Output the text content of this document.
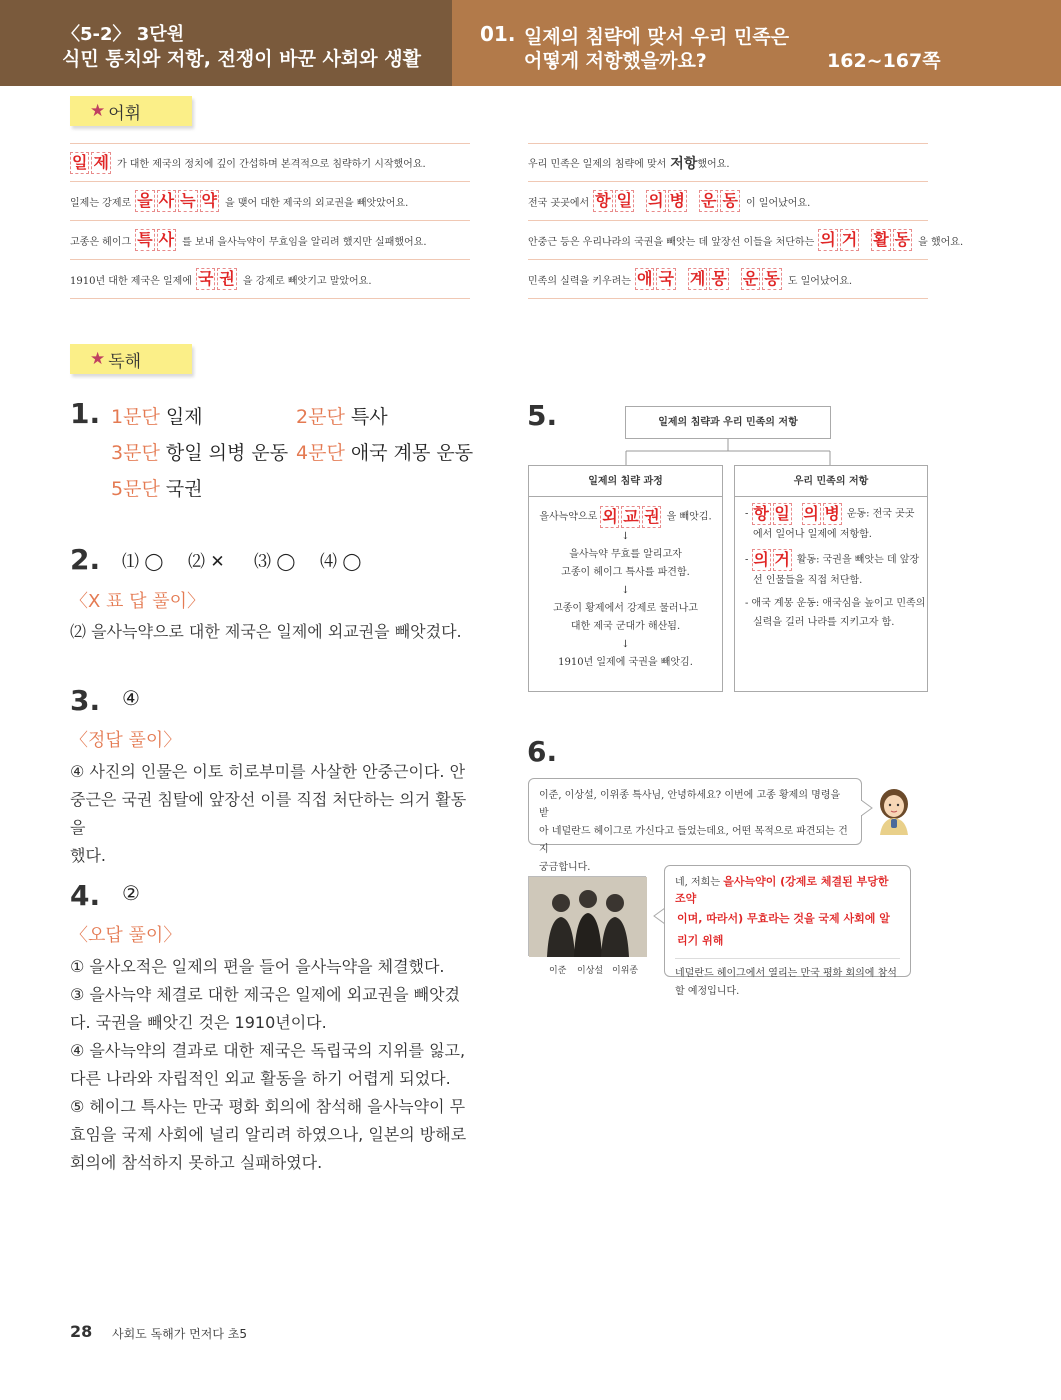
〈5-2〉 3단원
식민 통치와 저항, 전쟁이 바꾼 사회와 생활
01. 일제의 침략에 맞서 우리 민족은
어떻게 저항했을까요?	162~167쪽
★ 어휘
일 제 가 대한 제국의 정치에 깊이 간섭하며 본격적으로 침략하기 시작했어요.
일제는 강제로 을 사 늑 약 을 맺어 대한 제국의 외교권을 빼앗았어요.
고종은 헤이그 특 사 를 보내 을사늑약이 무효임을 알리려 했지만 실패했어요.
1910년 대한 제국은 일제에 국 권 을 강제로 빼앗기고 말았어요.
우리 민족은 일제의 침략에 맞서 저항 했어요.
전국 곳곳에서 항 일 의 병 운 동 이 일어났어요.
안중근 등은 우리나라의 국권을 빼앗는 데 앞장선 이들을 처단하는 의 거 활 동 을 했어요.
민족의 실력을 키우려는 애 국 계 몽 운 동 도 일어났어요.
★ 독해
1. 1문단 일제	2문단 특사
3문단 항일 의병 운동 4문단 애국 계몽 운동
5문단 국권
2. ⑴ ◯ ⑵ ✕ ⑶ ◯ ⑷ ◯
〈X 표 답 풀이〉
⑵ 을사늑약으로 대한 제국은 일제에 외교권을 빼앗겼다.
3. ④
〈정답 풀이〉
④ 사진의 인물은 이토 히로부미를 사살한 안중근이다. 안
중근은 국권 침탈에 앞장선 이를 직접 처단하는 의거 활동을
했다.
4. ②
〈오답 풀이〉
① 을사오적은 일제의 편을 들어 을사늑약을 체결했다.
③ 을사늑약 체결로 대한 제국은 일제에 외교권을 빼앗겼
다. 국권을 빼앗긴 것은 1910년이다.
④ 을사늑약의 결과로 대한 제국은 독립국의 지위를 잃고,
다른 나라와 자립적인 외교 활동을 하기 어렵게 되었다.
⑤ 헤이그 특사는 만국 평화 회의에 참석해 을사늑약이 무
효임을 국제 사회에 널리 알리려 하였으나, 일본의 방해로
회의에 참석하지 못하고 실패하였다.
5.	일제의 침략과 우리 민족의 저항
일제의 침략 과정
을사늑약으로 외 교 권 을 빼앗김.
↓
을사늑약 무효를 알리고자
고종이 헤이그 특사를 파견함.
↓
고종이 황제에서 강제로 물러나고
대한 제국 군대가 해산됨.
↓
1910년 일제에 국권을 빼앗김.
우리 민족의 저항
- 항 일 의 병 운동: 전국 곳곳
에서 일어나 일제에 저항함.
- 의 거 활동: 국권을 빼앗는 데 앞장
선 인물들을 직접 처단함.
- 애국 계몽 운동: 애국심을 높이고 민족의
실력을 길러 나라를 지키고자 함.
6.
이준, 이상설, 이위종 특사님, 안녕하세요? 이번에 고종 황제의 명령을 받
아 네덜란드 헤이그로 가신다고 들었는데요, 어떤 목적으로 파견되는 건지
궁금합니다.
이준 이상설 이위종
네, 저희는 을사늑약이 (강제로 체결된 부당한 조약
이며, 따라서) 무효라는 것을 국제 사회에 알리기 위해
네덜란드 헤이그에서 열리는 만국 평화 회의에 참석
할 예정입니다.
28 사회도 독해가 먼저다 초5
